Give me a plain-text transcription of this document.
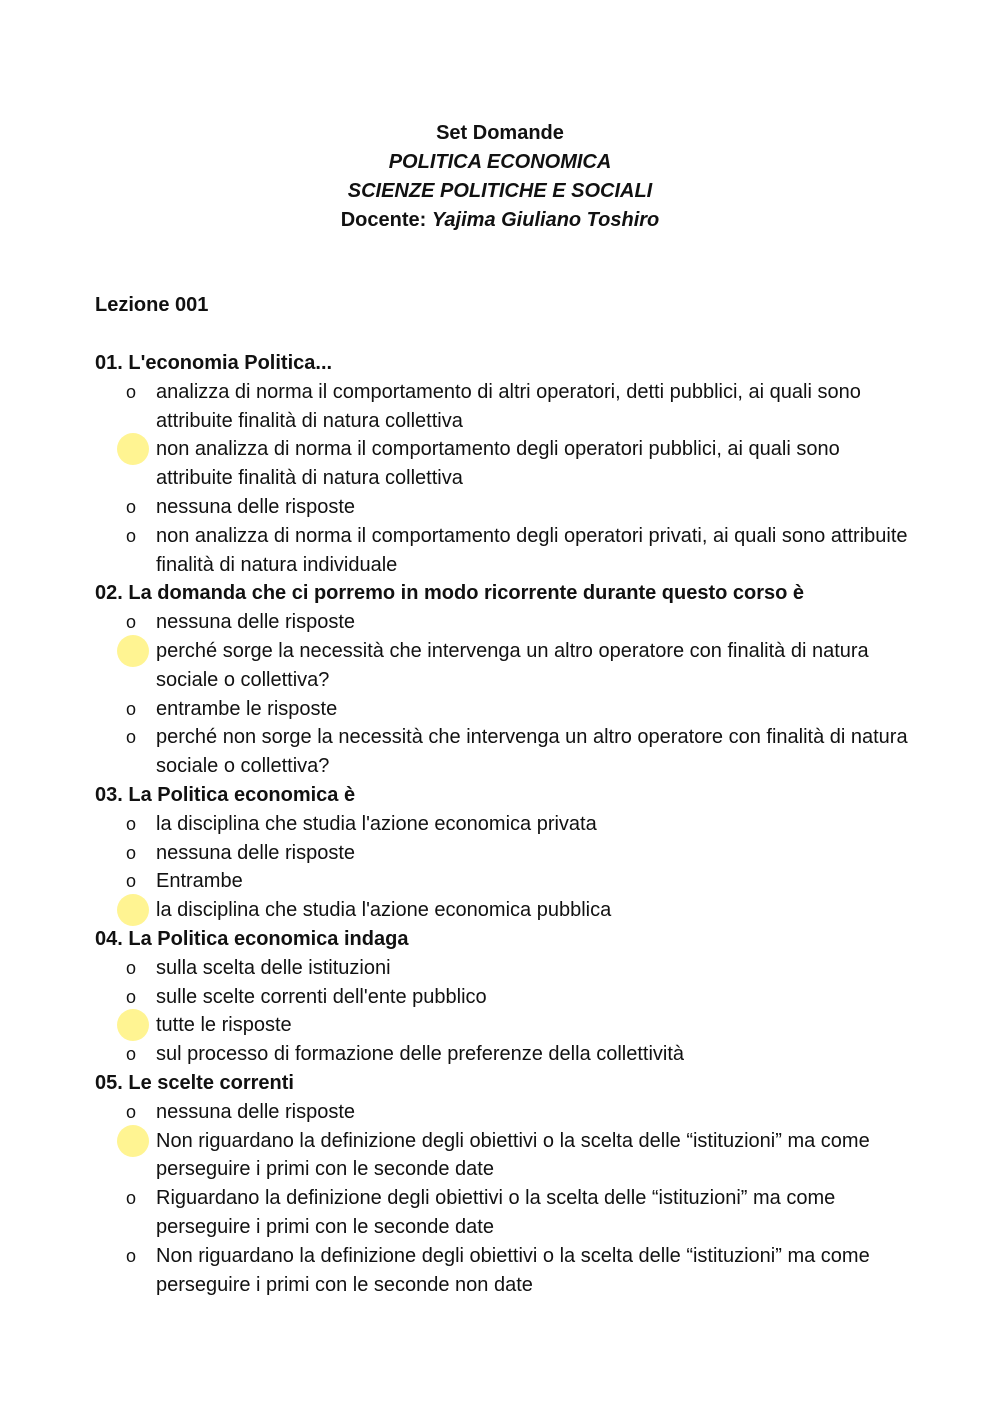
Set Domande
POLITICA ECONOMICA
SCIENZE POLITICHE E SOCIALI
Docente: Yajima Giuliano Toshiro
Lezione 001
01. L'economia Politica...
o analizza di norma il comportamento di altri operatori, detti pubblici, ai quali sono attribuite finalità di natura collettiva
non analizza di norma il comportamento degli operatori pubblici, ai quali sono attribuite finalità di natura collettiva
o nessuna delle risposte
o non analizza di norma il comportamento degli operatori privati, ai quali sono attribuite finalità di natura individuale
02. La domanda che ci porremo in modo ricorrente durante questo corso è
o nessuna delle risposte
perché sorge la necessità che intervenga un altro operatore con finalità di natura sociale o collettiva?
o entrambe le risposte
o perché non sorge la necessità che intervenga un altro operatore con finalità di natura sociale o collettiva?
03. La Politica economica è
o la disciplina che studia l'azione economica privata
o nessuna delle risposte
o Entrambe
la disciplina che studia l'azione economica pubblica
04. La Politica economica indaga
o sulla scelta delle istituzioni
o sulle scelte correnti dell'ente pubblico
tutte le risposte
o sul processo di formazione delle preferenze della collettività
05. Le scelte correnti
o nessuna delle risposte
Non riguardano la definizione degli obiettivi o la scelta delle “istituzioni” ma come perseguire i primi con le seconde date
o Riguardano la definizione degli obiettivi o la scelta delle “istituzioni” ma come perseguire i primi con le seconde date
o Non riguardano la definizione degli obiettivi o la scelta delle “istituzioni” ma come perseguire i primi con le seconde non date
